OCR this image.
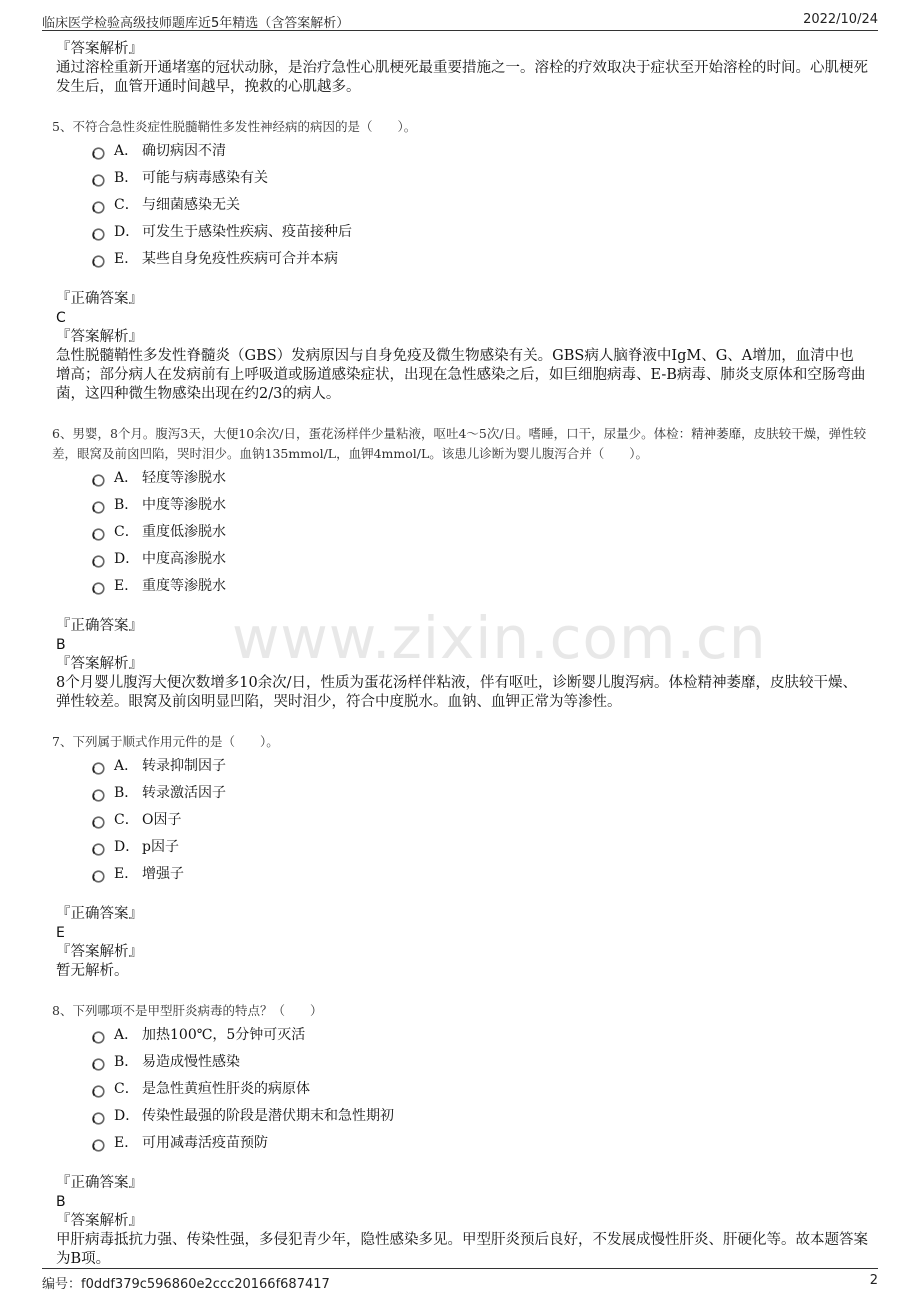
临床医学检验高级技师题库近5年精选（含答案解析）	2022/10/24
www.zixin.com.cn
『答案解析』
通过溶栓重新开通堵塞的冠状动脉，是治疗急性心肌梗死最重要措施之一。溶栓的疗效取决于症状至开始溶栓的时间。心肌梗死发生后，血管开通时间越早，挽救的心肌越多。
5、不符合急性炎症性脱髓鞘性多发性神经病的病因的是（　　）。
A． 确切病因不清
B． 可能与病毒感染有关
C． 与细菌感染无关
D． 可发生于感染性疾病、疫苗接种后
E． 某些自身免疫性疾病可合并本病
『正确答案』
C
『答案解析』
急性脱髓鞘性多发性脊髓炎（GBS）发病原因与自身免疫及微生物感染有关。GBS病人脑脊液中IgM、G、A增加，血清中也增高；部分病人在发病前有上呼吸道或肠道感染症状，出现在急性感染之后，如巨细胞病毒、E-B病毒、肺炎支原体和空肠弯曲菌，这四种微生物感染出现在约2/3的病人。
6、男婴，8个月。腹泻3天，大便10余次/日，蛋花汤样伴少量粘液，呕吐4～5次/日。嗜睡，口干，尿量少。体检：精神萎靡，皮肤较干燥，弹性较差，眼窝及前囟凹陷，哭时泪少。血钠135mmol/L，血钾4mmol/L。该患儿诊断为婴儿腹泻合并（　　）。
A． 轻度等渗脱水
B． 中度等渗脱水
C． 重度低渗脱水
D． 中度高渗脱水
E． 重度等渗脱水
『正确答案』
B
『答案解析』
8个月婴儿腹泻大便次数增多10余次/日，性质为蛋花汤样伴粘液，伴有呕吐，诊断婴儿腹泻病。体检精神萎靡，皮肤较干燥、弹性较差。眼窝及前囟明显凹陷，哭时泪少，符合中度脱水。血钠、血钾正常为等渗性。
7、下列属于顺式作用元件的是（　　）。
A． 转录抑制因子
B． 转录激活因子
C． O因子
D． p因子
E． 增强子
『正确答案』
E
『答案解析』
暂无解析。
8、下列哪项不是甲型肝炎病毒的特点？（　　）
A． 加热100℃，5分钟可灭活
B． 易造成慢性感染
C． 是急性黄疸性肝炎的病原体
D． 传染性最强的阶段是潜伏期末和急性期初
E． 可用减毒活疫苗预防
『正确答案』
B
『答案解析』
甲肝病毒抵抗力强、传染性强，多侵犯青少年，隐性感染多见。甲型肝炎预后良好，不发展成慢性肝炎、肝硬化等。故本题答案为B项。
编号：f0ddf379c596860e2ccc20166f687417	2
